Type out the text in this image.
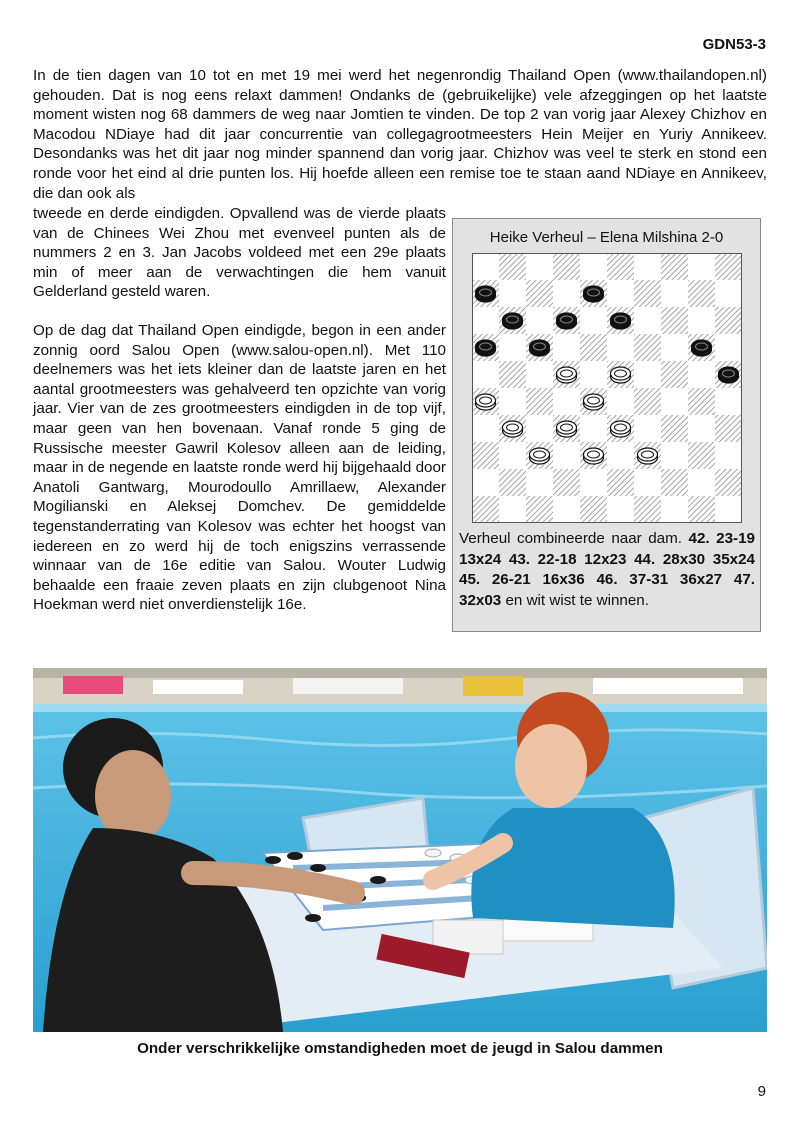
GDN53-3

In de tien dagen van 10 tot en met 19 mei werd het negenrondig Thailand Open (www.thailandopen.nl) gehouden. Dat is nog eens relaxt dammen! Ondanks de (gebruikelijke) vele afzeggingen op het laatste moment wisten nog 68 dammers de weg naar Jomtien te vinden. De top 2 van vorig jaar Alexey Chizhov en Macodou NDiaye had dit jaar concurrentie van collegagrootmeesters Hein Meijer en Yuriy Annikeev. Desondanks was het dit jaar nog minder spannend dan vorig jaar. Chizhov was veel te sterk en stond een ronde voor het eind al drie punten los. Hij hoefde alleen een remise toe te staan aand NDiaye en Annikeev, die dan ook als

tweede en derde eindigden. Opvallend was de vierde plaats van de Chinees Wei Zhou met evenveel punten als de nummers 2 en 3. Jan Jacobs voldeed met een 29e plaats min of meer aan de verwachtingen die hem vanuit Gelderland gesteld waren.

Op de dag dat Thailand Open eindigde, begon in een ander zonnig oord Salou Open (www.salou-open.nl). Met 110 deelnemers was het iets kleiner dan de laatste jaren en het aantal grootmeesters was gehalveerd ten opzichte van vorig jaar. Vier van de zes grootmeesters eindigden in de top vijf, maar geen van hen bovenaan. Vanaf ronde 5 ging de Russische meester Gawril Kolesov alleen aan de leiding, maar in de negende en laatste ronde werd hij bijgehaald door Anatoli Gantwarg, Mourodoullo Amrillaew, Alexander Mogilianski en Aleksej Domchev. De gemiddelde tegenstanderrating van Kolesov was echter het hoogst van iedereen en zo werd hij de toch enigszins verrassende winnaar van de 16e editie van Salou. Wouter Ludwig behaalde een fraaie zeven plaats en zijn clubgenoot Nina Hoekman werd niet onverdienstelijk 16e.

Heike Verheul – Elena Milshina 2-0

Verheul combineerde naar dam. 42. 23-19 13x24 43. 22-18 12x23 44. 28x30 35x24 45. 26-21 16x36 46. 37-31 36x27 47. 32x03 en wit wist te winnen.

Onder verschrikkelijke omstandigheden moet de jeugd in Salou dammen
9
